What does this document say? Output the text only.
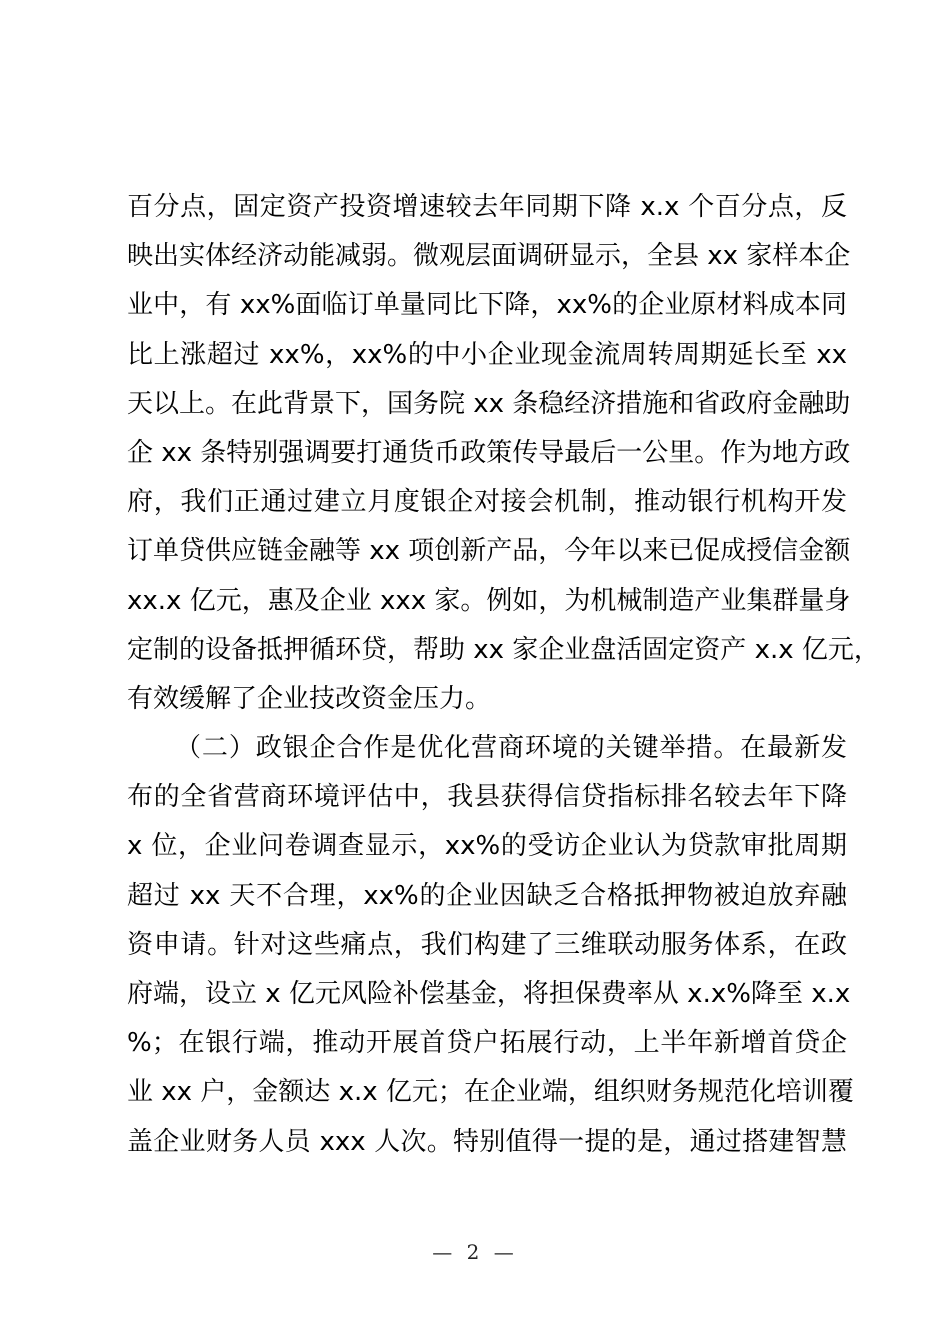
百分点，固定资产投资增速较去年同期下降 x.x 个百分点，反
映出实体经济动能减弱。微观层面调研显示，全县 xx 家样本企
业中，有 xx%面临订单量同比下降，xx%的企业原材料成本同
比上涨超过 xx%，xx%的中小企业现金流周转周期延长至 xx
天以上。在此背景下，国务院 xx 条稳经济措施和省政府金融助
企 xx 条特别强调要打通货币政策传导最后一公里。作为地方政
府，我们正通过建立月度银企对接会机制，推动银行机构开发
订单贷供应链金融等 xx 项创新产品，今年以来已促成授信金额
xx.x 亿元，惠及企业 xxx 家。例如，为机械制造产业集群量身
定制的设备抵押循环贷，帮助 xx 家企业盘活固定资产 x.x 亿元，
有效缓解了企业技改资金压力。
（二）政银企合作是优化营商环境的关键举措。在最新发
布的全省营商环境评估中，我县获得信贷指标排名较去年下降
x 位，企业问卷调查显示，xx%的受访企业认为贷款审批周期
超过 xx 天不合理，xx%的企业因缺乏合格抵押物被迫放弃融
资申请。针对这些痛点，我们构建了三维联动服务体系，在政
府端，设立 x 亿元风险补偿基金，将担保费率从 x.x%降至 x.x
%；在银行端，推动开展首贷户拓展行动，上半年新增首贷企
业 xx 户，金额达 x.x 亿元；在企业端，组织财务规范化培训覆
盖企业财务人员 xxx 人次。特别值得一提的是，通过搭建智慧
— 2 —
